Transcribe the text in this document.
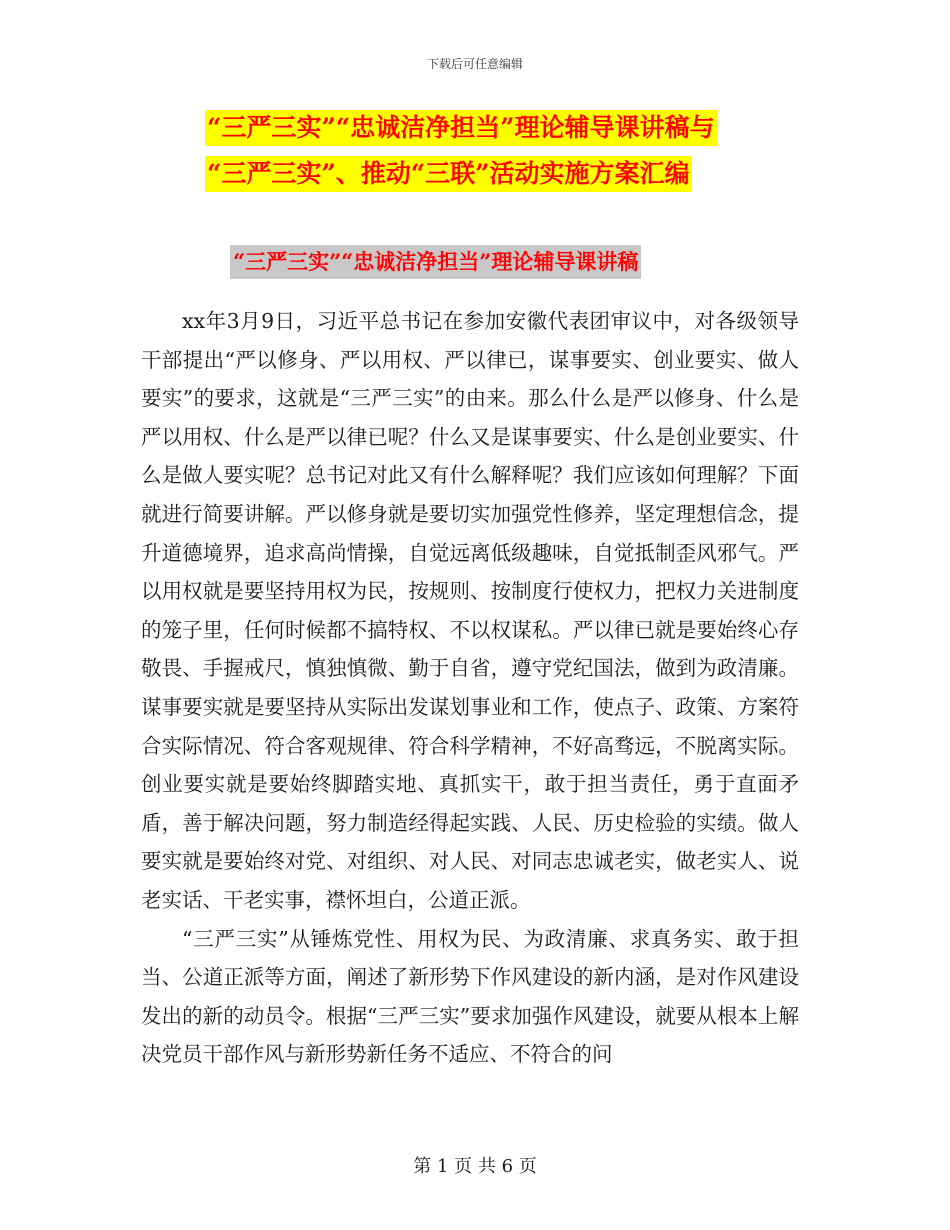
下载后可任意编辑
“三严三实”“忠诚洁净担当”理论辅导课讲稿与
“三严三实”、推动“三联”活动实施方案汇编
“三严三实”“忠诚洁净担当”理论辅导课讲稿

xx年3月9日，习近平总书记在参加安徽代表团审议中，对各级领导干部提出“严以修身、严以用权、严以律已，谋事要实、创业要实、做人要实”的要求，这就是“三严三实”的由来。那么什么是严以修身、什么是严以用权、什么是严以律已呢？什么又是谋事要实、什么是创业要实、什么是做人要实呢？总书记对此又有什么解释呢？我们应该如何理解？下面就进行简要讲解。严以修身就是要切实加强党性修养，坚定理想信念，提升道德境界，追求高尚情操，自觉远离低级趣味，自觉抵制歪风邪气。严以用权就是要坚持用权为民，按规则、按制度行使权力，把权力关进制度的笼子里，任何时候都不搞特权、不以权谋私。严以律已就是要始终心存敬畏、手握戒尺，慎独慎微、勤于自省，遵守党纪国法，做到为政清廉。谋事要实就是要坚持从实际出发谋划事业和工作，使点子、政策、方案符合实际情况、符合客观规律、符合科学精神，不好高骛远，不脱离实际。创业要实就是要始终脚踏实地、真抓实干，敢于担当责任，勇于直面矛盾，善于解决问题，努力制造经得起实践、人民、历史检验的实绩。做人要实就是要始终对党、对组织、对人民、对同志忠诚老实，做老实人、说老实话、干老实事，襟怀坦白，公道正派。

“三严三实”从锤炼党性、用权为民、为政清廉、求真务实、敢于担当、公道正派等方面，阐述了新形势下作风建设的新内涵，是对作风建设发出的新的动员令。根据“三严三实”要求加强作风建设，就要从根本上解决党员干部作风与新形势新任务不适应、不符合的问

第 1 页 共 6 页
